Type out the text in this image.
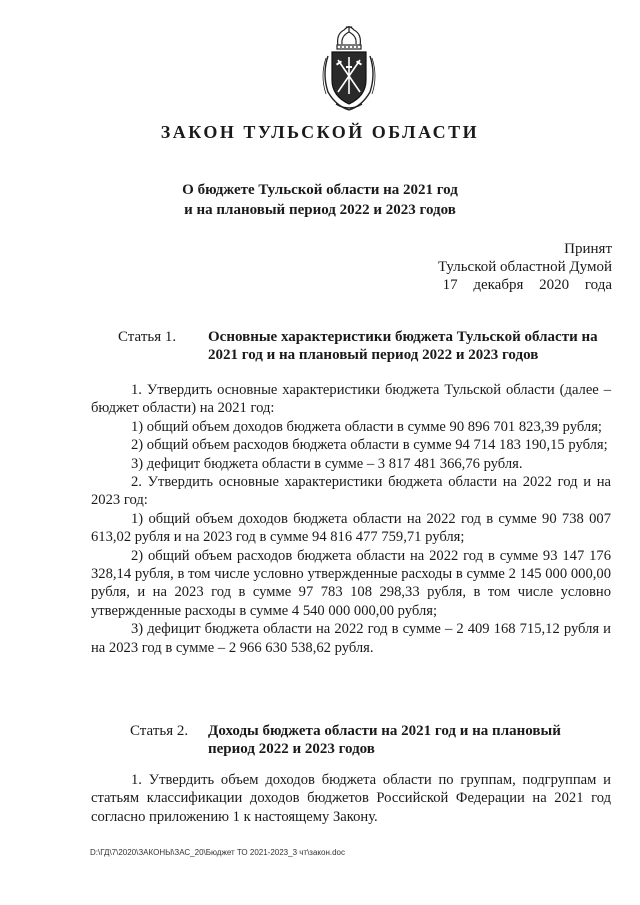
ЗАКОН ТУЛЬСКОЙ ОБЛАСТИ
О бюджете Тульской области на 2021 год
и на плановый период 2022 и 2023 годов
Принят
Тульской областной Думой
17 декабря 2020 года
Статья 1. Основные характеристики бюджета Тульской области на 2021 год и на плановый период 2022 и 2023 годов

1. Утвердить основные характеристики бюджета Тульской области (далее – бюджет области) на 2021 год:

1) общий объем доходов бюджета области в сумме 90 896 701 823,39 рубля;

2) общий объем расходов бюджета области в сумме 94 714 183 190,15 рубля;

3) дефицит бюджета области в сумме – 3 817 481 366,76 рубля.

2. Утвердить основные характеристики бюджета области на 2022 год и на 2023 год:

1) общий объем доходов бюджета области на 2022 год в сумме 90 738 007 613,02 рубля и на 2023 год в сумме 94 816 477 759,71 рубля;

2) общий объем расходов бюджета области на 2022 год в сумме 93 147 176 328,14 рубля, в том числе условно утвержденные расходы в сумме 2 145 000 000,00 рубля, и на 2023 год в сумме 97 783 108 298,33 рубля, в том числе условно утвержденные расходы в сумме 4 540 000 000,00 рубля;

3) дефицит бюджета области на 2022 год в сумме – 2 409 168 715,12 рубля и на 2023 год в сумме – 2 966 630 538,62 рубля.

Статья 2. Доходы бюджета области на 2021 год и на плановый период 2022 и 2023 годов

1. Утвердить объем доходов бюджета области по группам, подгруппам и статьям классификации доходов бюджетов Российской Федерации на 2021 год согласно приложению 1 к настоящему Закону.

D:\ГД\7\2020\ЗАКОНЫ\ЗАС_20\Бюджет ТО 2021-2023_3 чт\закон.doc
